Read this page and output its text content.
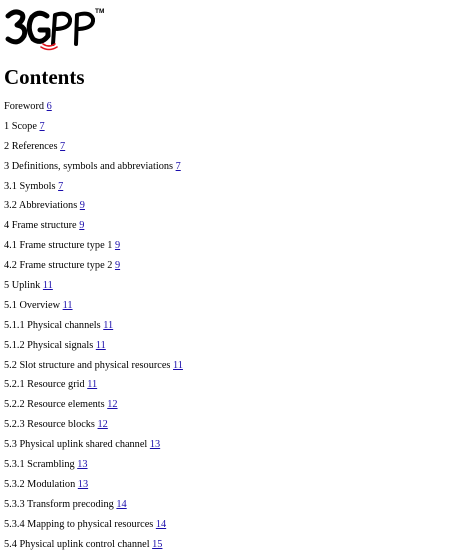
TM
Contents
Foreword 6
1 Scope 7
2 References 7
3 Definitions, symbols and abbreviations 7
3.1 Symbols 7
3.2 Abbreviations 9
4 Frame structure 9
4.1 Frame structure type 1 9
4.2 Frame structure type 2 9
5 Uplink 11
5.1 Overview 11
5.1.1 Physical channels 11
5.1.2 Physical signals 11
5.2 Slot structure and physical resources 11
5.2.1 Resource grid 11
5.2.2 Resource elements 12
5.2.3 Resource blocks 12
5.3 Physical uplink shared channel 13
5.3.1 Scrambling 13
5.3.2 Modulation 13
5.3.3 Transform precoding 14
5.3.4 Mapping to physical resources 14
5.4 Physical uplink control channel 15
